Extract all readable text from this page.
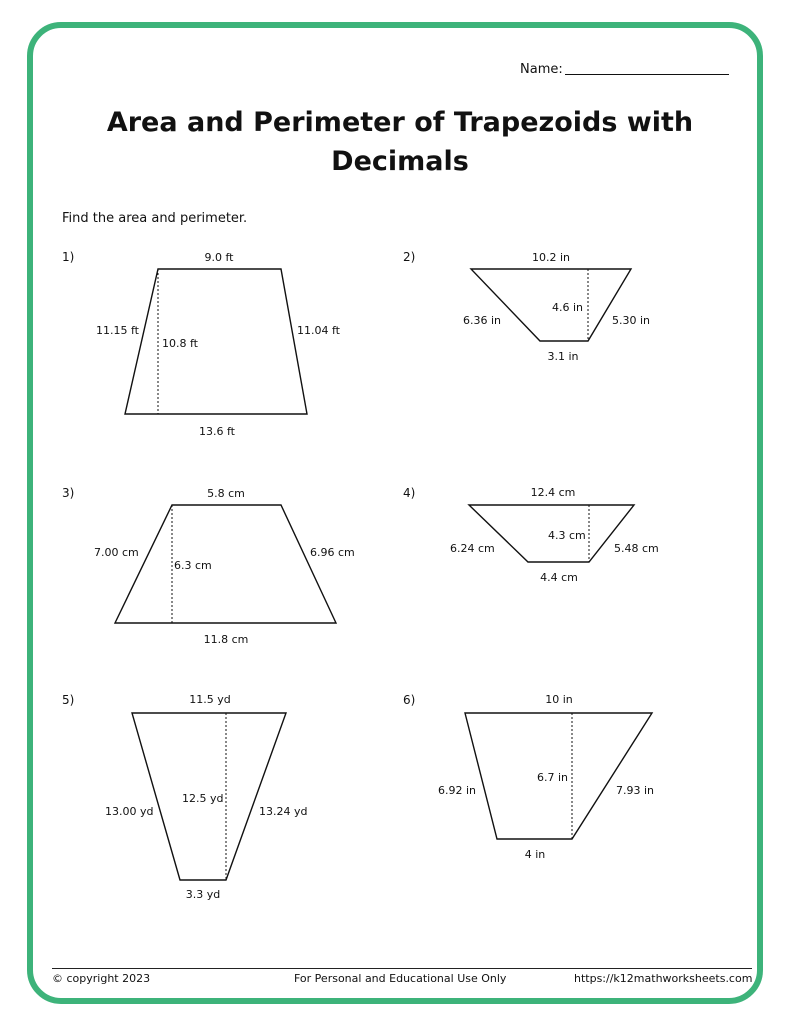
Name:
Area and Perimeter of Trapezoids with
Decimals
Find the area and perimeter.
1)	2)
3)	4)
5)	6)
9.0 ft
13.6 ft
11.15 ft	11.04 ft
10.8 ft
10.2 in
3.1 in
6.36 in	5.30 in
4.6 in
5.8 cm
11.8 cm
7.00 cm	6.96 cm
6.3 cm
12.4 cm
4.4 cm
6.24 cm	5.48 cm
4.3 cm
11.5 yd
3.3 yd
13.00 yd	13.24 yd
12.5 yd
10 in
4 in
6.92 in	7.93 in
6.7 in
© copyright 2023	For Personal and Educational Use Only	https://k12mathworksheets.com
